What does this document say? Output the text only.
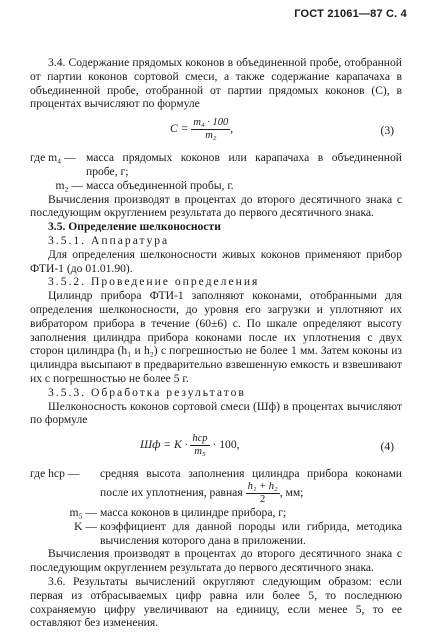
ГОСТ 21061—87 С. 4

3.4. Содержание прядомых коконов в объединенной пробе, отобранной от партии коконов сортовой смеси, а также содержание карапачаха в объединенной пробе, отобранной от партии прядомых коконов (С), в процентах вычисляют по формуле

$C = \frac{\text{m₄ · 100}}{\text{m₂}}$ ,	(3)
где m₄ — масса прядомых коконов или карапачаха в объединенной пробе, г;
m₂ — масса объединенной пробы, г.

Вычисления производят в процентах до второго десятичного знака с последующим округлением результата до первого десятичного знака.

3.5. Определение шелконосности

3.5.1. Аппаратура

Для определения шелконосности живых коконов применяют прибор ФТИ-1 (до 01.01.90).

3.5.2. Проведение определения

Цилиндр прибора ФТИ-1 заполняют коконами, отобранными для определения шелконосности, до уровня его загрузки и уплотняют их вибратором прибора в течение (60±6) с. По шкале определяют высоту заполнения цилиндра прибора коконами после их уплотнения с двух сторон цилиндра (h₁ и h₂) с погрешностью не более 1 мм. Затем коконы из цилиндра высыпают в предварительно взвешенную емкость и взвешивают их с погрешностью не более 5 г.

3.5.3. Обработка результатов

Шелконосность коконов сортовой смеси (Шф) в процентах вычисляют по формуле

Шф = $K \cdot \frac{\text{hср}}{\text{m₅}} \cdot 100$,	(4)
где hср —	средняя высота заполнения цилиндра прибора коконами после их уплотнения, равная $\frac{\text{h₁ + h₂}}{2}$ , мм;
m₅ — масса коконов в цилиндре прибора, г;
K — коэффициент для данной породы или гибрида, методика вычисления которого дана в приложении.

Вычисления производят в процентах до второго десятичного знака с последующим округлением результата до первого десятичного знака.

3.6. Результаты вычислений округляют следующим образом: если первая из отбрасываемых цифр равна или более 5, то последнюю сохраняемую цифру увеличивают на единицу, если менее 5, то ее оставляют без изменения.
